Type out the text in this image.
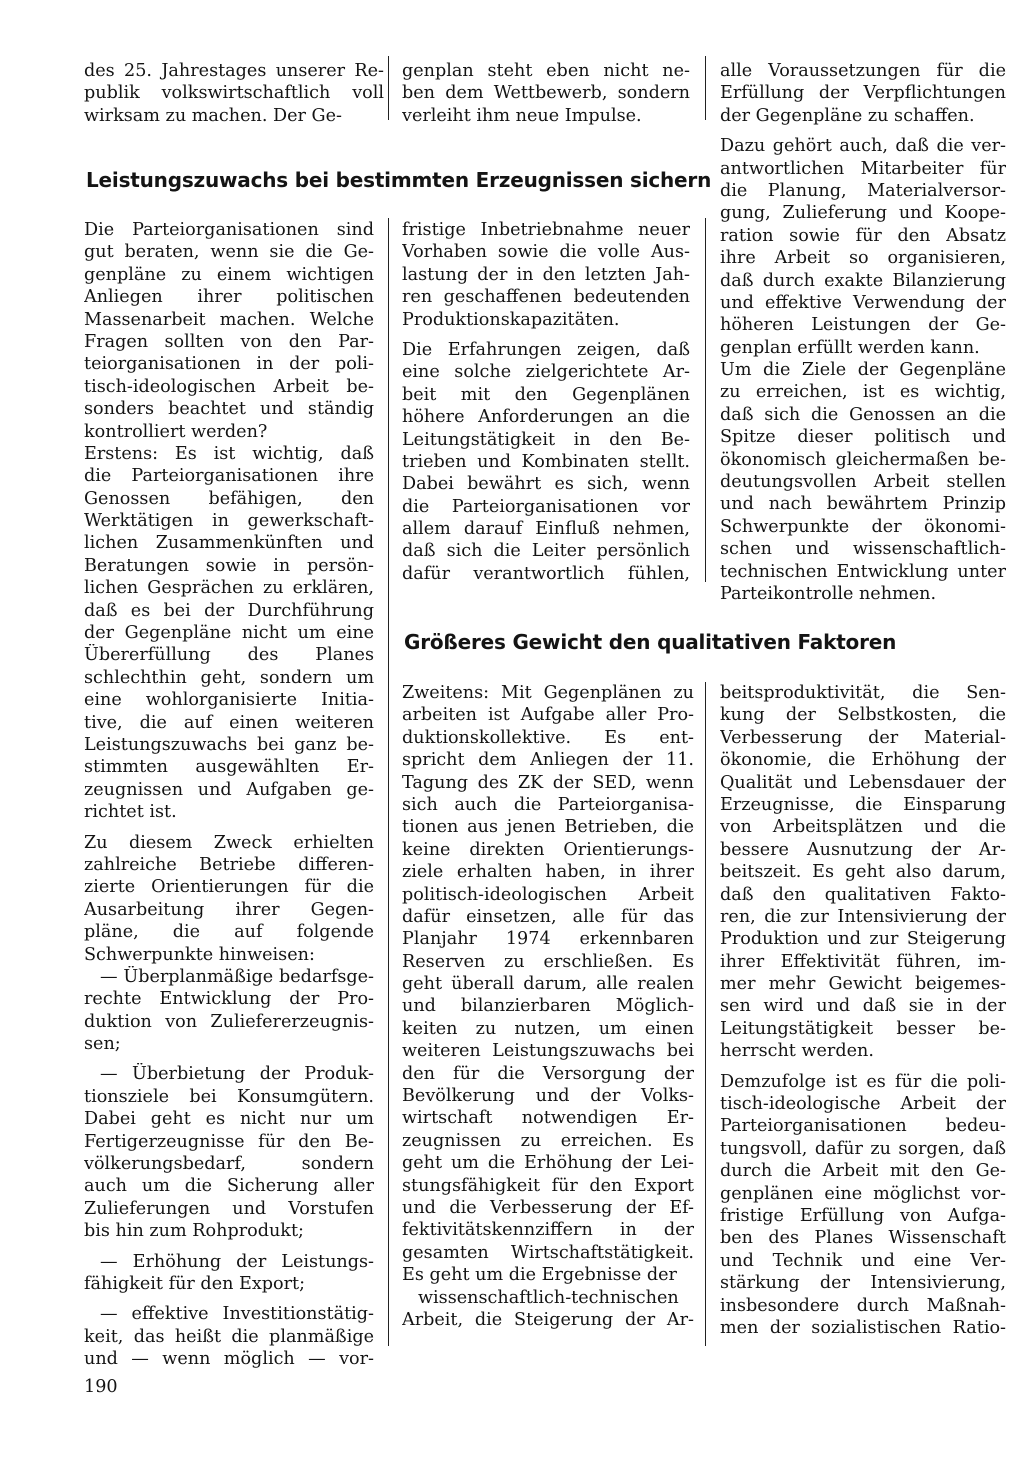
des 25. Jahrestages unserer Re-
publik volkswirtschaftlich voll
wirksam zu machen. Der Ge-
genplan steht eben nicht ne-
ben dem Wettbewerb, sondern
verleiht ihm neue Impulse.
alle Voraussetzungen für die
Erfüllung der Verpflichtungen
der Gegenpläne zu schaffen.
Dazu gehört auch, daß die ver-
antwortlichen Mitarbeiter für
die Planung, Materialversor-
gung, Zulieferung und Koope-
ration sowie für den Absatz
ihre Arbeit so organisieren,
daß durch exakte Bilanzierung
und effektive Verwendung der
höheren Leistungen der Ge-
genplan erfüllt werden kann.
Um die Ziele der Gegenpläne
zu erreichen, ist es wichtig,
daß sich die Genossen an die
Spitze dieser politisch und
ökonomisch gleichermaßen be-
deutungsvollen Arbeit stellen
und nach bewährtem Prinzip
Schwerpunkte der ökonomi-
schen und wissenschaftlich-
technischen Entwicklung unter
Parteikontrolle nehmen.
Leistungszuwachs bei bestimmten Erzeugnissen sichern
Größeres Gewicht den qualitativen Faktoren
Die Parteiorganisationen sind
gut beraten, wenn sie die Ge-
genpläne zu einem wichtigen
Anliegen ihrer politischen
Massenarbeit machen. Welche
Fragen sollten von den Par-
teiorganisationen in der poli-
tisch-ideologischen Arbeit be-
sonders beachtet und ständig
kontrolliert werden?
Erstens: Es ist wichtig, daß
die Parteiorganisationen ihre
Genossen befähigen, den
Werktätigen in gewerkschaft-
lichen Zusammenkünften und
Beratungen sowie in persön-
lichen Gesprächen zu erklären,
daß es bei der Durchführung
der Gegenpläne nicht um eine
Übererfüllung des Planes
schlechthin geht, sondern um
eine wohlorganisierte Initia-
tive, die auf einen weiteren
Leistungszuwachs bei ganz be-
stimmten ausgewählten Er-
zeugnissen und Aufgaben ge-
richtet ist.
Zu diesem Zweck erhielten
zahlreiche Betriebe differen-
zierte Orientierungen für die
Ausarbeitung ihrer Gegen-
pläne, die auf folgende
Schwerpunkte hinweisen:
— Überplanmäßige bedarfsge-
rechte Entwicklung der Pro-
duktion von Zuliefererzeugnis-
sen;
— Überbietung der Produk-
tionsziele bei Konsumgütern.
Dabei geht es nicht nur um
Fertigerzeugnisse für den Be-
völkerungsbedarf, sondern
auch um die Sicherung aller
Zulieferungen und Vorstufen
bis hin zum Rohprodukt;
— Erhöhung der Leistungs-
fähigkeit für den Export;
— effektive Investitionstätig-
keit, das heißt die planmäßige
und — wenn möglich — vor-
fristige Inbetriebnahme neuer
Vorhaben sowie die volle Aus-
lastung der in den letzten Jah-
ren geschaffenen bedeutenden
Produktionskapazitäten.
Die Erfahrungen zeigen, daß
eine solche zielgerichtete Ar-
beit mit den Gegenplänen
höhere Anforderungen an die
Leitungstätigkeit in den Be-
trieben und Kombinaten stellt.
Dabei bewährt es sich, wenn
die Parteiorganisationen vor
allem darauf Einfluß nehmen,
daß sich die Leiter persönlich
dafür verantwortlich fühlen,
Zweitens: Mit Gegenplänen zu
arbeiten ist Aufgabe aller Pro-
duktionskollektive. Es ent-
spricht dem Anliegen der 11.
Tagung des ZK der SED, wenn
sich auch die Parteiorganisa-
tionen aus jenen Betrieben, die
keine direkten Orientierungs-
ziele erhalten haben, in ihrer
politisch-ideologischen Arbeit
dafür einsetzen, alle für das
Planjahr 1974 erkennbaren
Reserven zu erschließen. Es
geht überall darum, alle realen
und bilanzierbaren Möglich-
keiten zu nutzen, um einen
weiteren Leistungszuwachs bei
den für die Versorgung der
Bevölkerung und der Volks-
wirtschaft notwendigen Er-
zeugnissen zu erreichen. Es
geht um die Erhöhung der Lei-
stungsfähigkeit für den Export
und die Verbesserung der Ef-
fektivitätskennziffern in der
gesamten Wirtschaftstätigkeit.
Es geht um die Ergebnisse der
wissenschaftlich-technischen
Arbeit, die Steigerung der Ar-
beitsproduktivität, die Sen-
kung der Selbstkosten, die
Verbesserung der Material-
ökonomie, die Erhöhung der
Qualität und Lebensdauer der
Erzeugnisse, die Einsparung
von Arbeitsplätzen und die
bessere Ausnutzung der Ar-
beitszeit. Es geht also darum,
daß den qualitativen Fakto-
ren, die zur Intensivierung der
Produktion und zur Steigerung
ihrer Effektivität führen, im-
mer mehr Gewicht beigemes-
sen wird und daß sie in der
Leitungstätigkeit besser be-
herrscht werden.
Demzufolge ist es für die poli-
tisch-ideologische Arbeit der
Parteiorganisationen bedeu-
tungsvoll, dafür zu sorgen, daß
durch die Arbeit mit den Ge-
genplänen eine möglichst vor-
fristige Erfüllung von Aufga-
ben des Planes Wissenschaft
und Technik und eine Ver-
stärkung der Intensivierung,
insbesondere durch Maßnah-
men der sozialistischen Ratio-
190
